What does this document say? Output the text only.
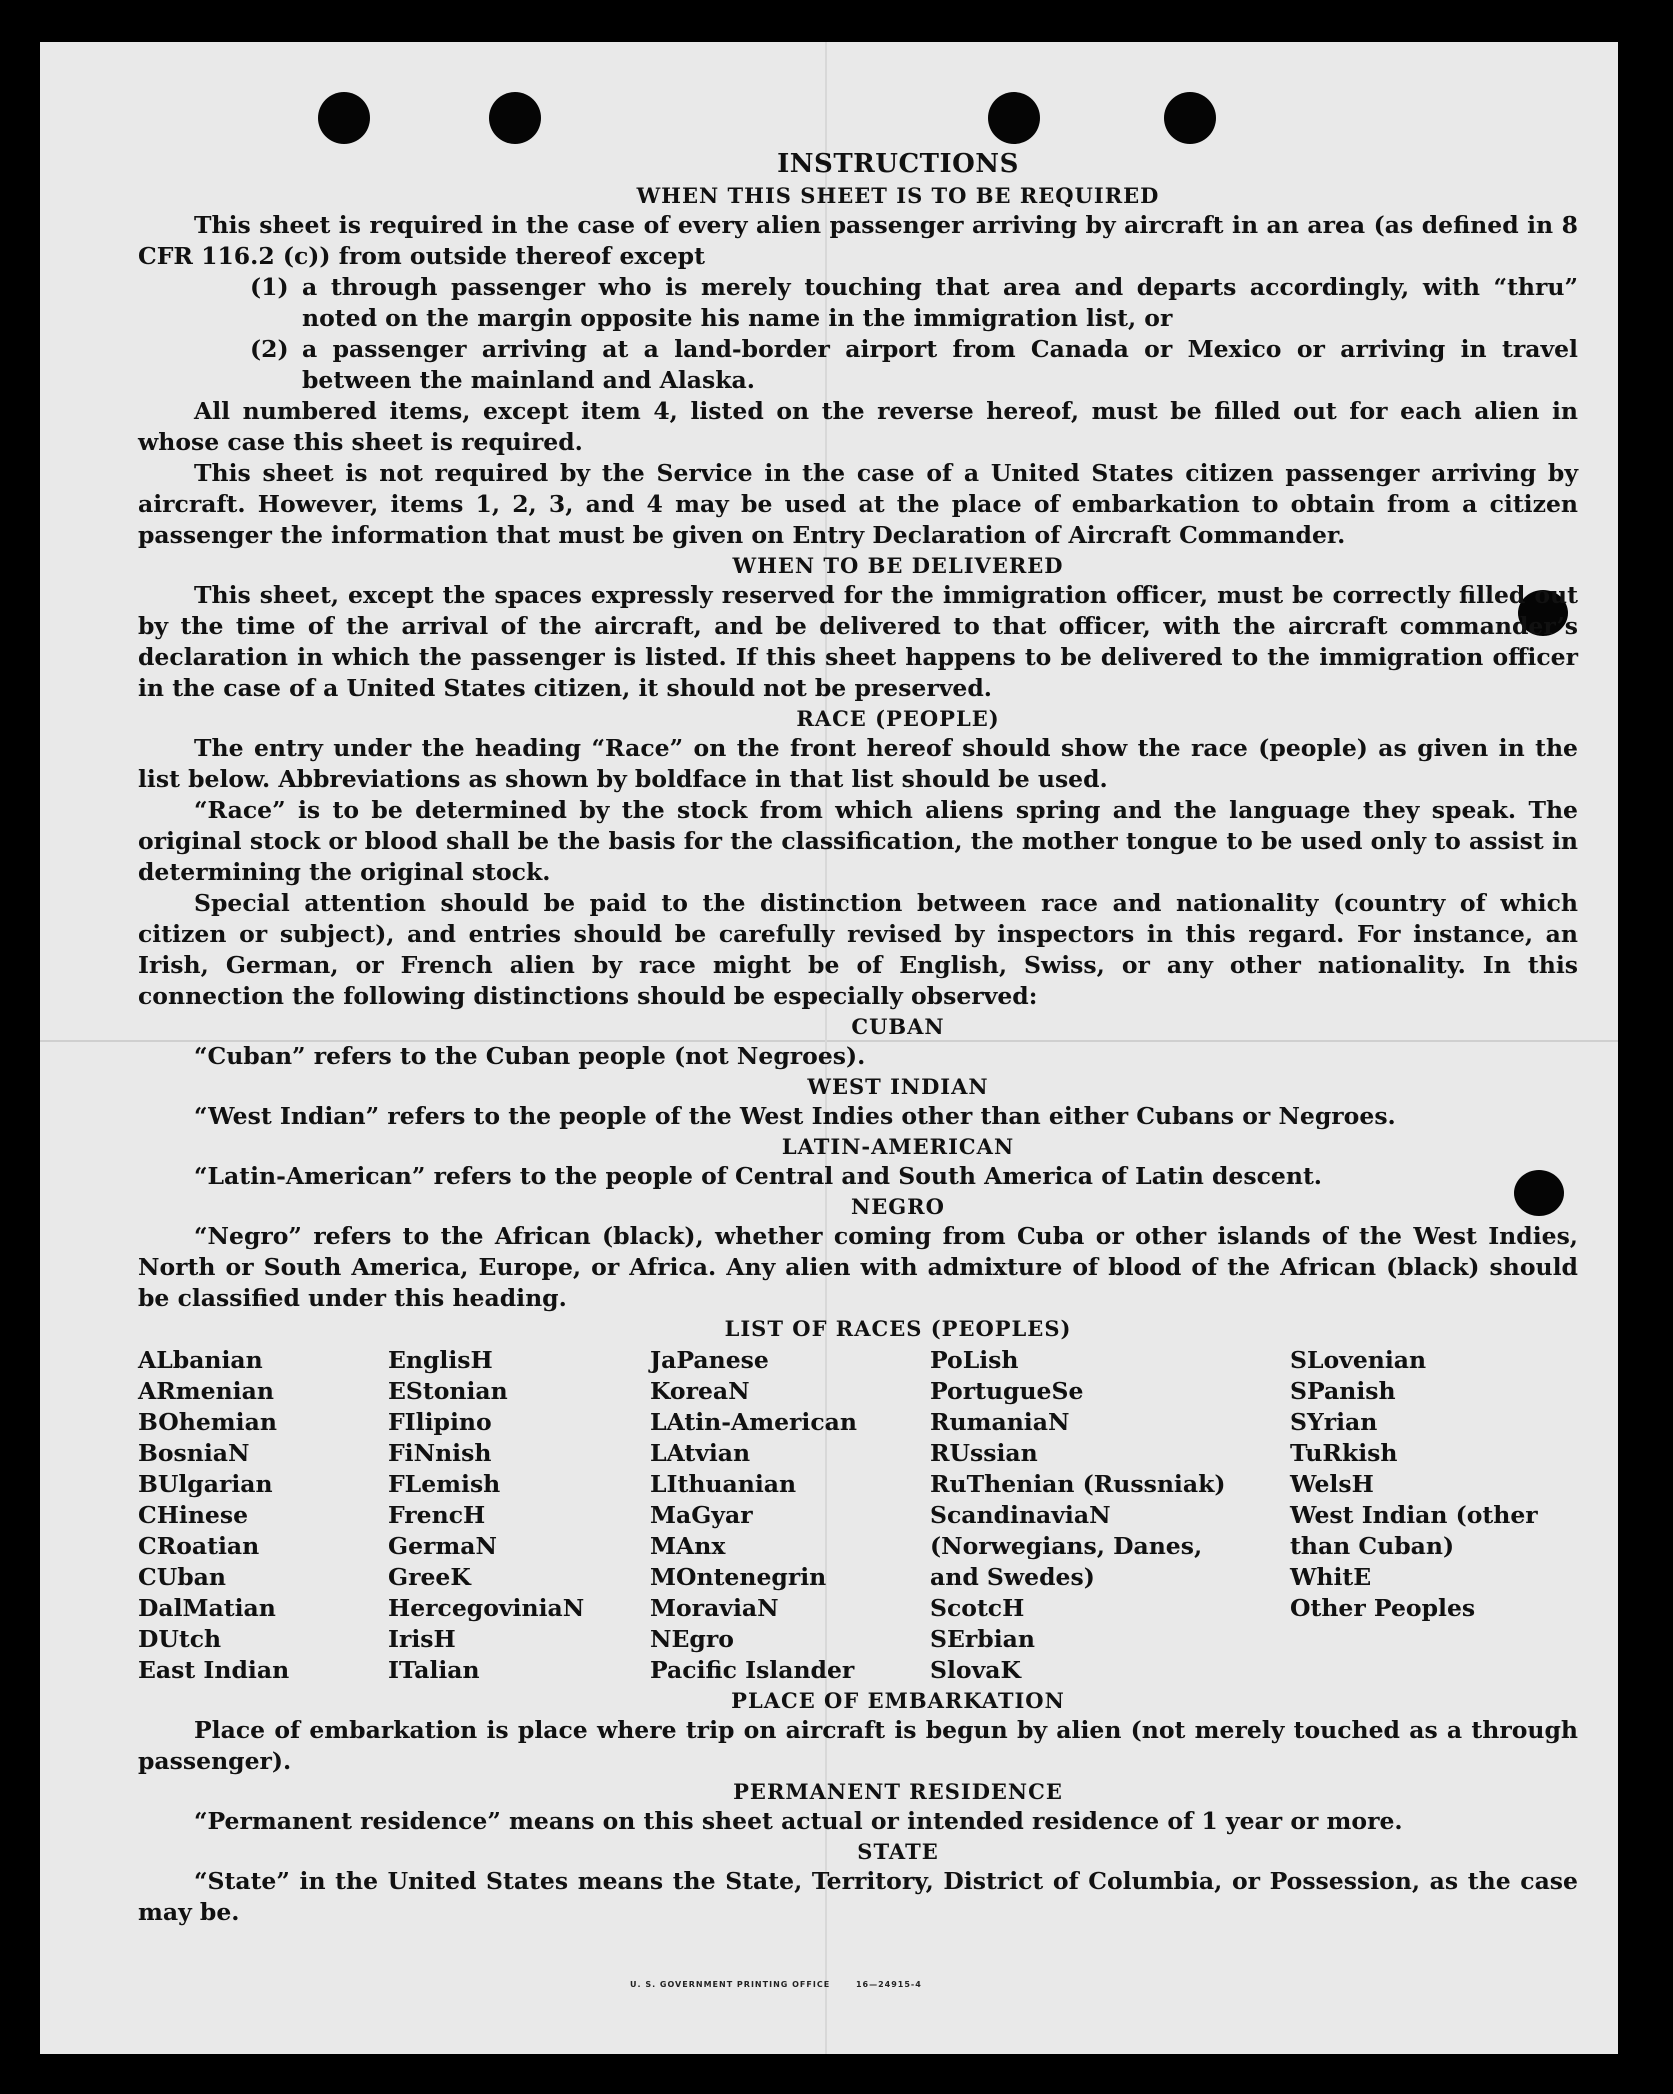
INSTRUCTIONS
WHEN THIS SHEET IS TO BE REQUIRED

This sheet is required in the case of every alien passenger arriving by aircraft in an area (as defined in 8 CFR 116.2 (c)) from outside thereof except

(1) a through passenger who is merely touching that area and departs accordingly, with “thru” noted on the margin opposite his name in the immigration list, or
(2) a passenger arriving at a land-border airport from Canada or Mexico or arriving in travel between the mainland and Alaska.

All numbered items, except item 4, listed on the reverse hereof, must be filled out for each alien in whose case this sheet is required.

This sheet is not required by the Service in the case of a United States citizen passenger arriving by aircraft. However, items 1, 2, 3, and 4 may be used at the place of embarkation to obtain from a citizen passenger the information that must be given on Entry Declaration of Aircraft Commander.

WHEN TO BE DELIVERED

This sheet, except the spaces expressly reserved for the immigration officer, must be correctly filled out by the time of the arrival of the aircraft, and be delivered to that officer, with the aircraft commander’s declaration in which the passenger is listed. If this sheet happens to be delivered to the immigration officer in the case of a United States citizen, it should not be preserved.

RACE (PEOPLE)

The entry under the heading “Race” on the front hereof should show the race (people) as given in the list below. Abbreviations as shown by boldface in that list should be used.

“Race” is to be determined by the stock from which aliens spring and the language they speak. The original stock or blood shall be the basis for the classification, the mother tongue to be used only to assist in determining the original stock.

Special attention should be paid to the distinction between race and nationality (country of which citizen or subject), and entries should be carefully revised by inspectors in this regard. For instance, an Irish, German, or French alien by race might be of English, Swiss, or any other nationality. In this connection the following distinctions should be especially observed:

CUBAN

“Cuban” refers to the Cuban people (not Negroes).

WEST INDIAN

“West Indian” refers to the people of the West Indies other than either Cubans or Negroes.

LATIN-AMERICAN

“Latin-American” refers to the people of Central and South America of Latin descent.

NEGRO

“Negro” refers to the African (black), whether coming from Cuba or other islands of the West Indies, North or South America, Europe, or Africa. Any alien with admixture of blood of the African (black) should be classified under this heading.

LIST OF RACES (PEOPLES)
ALbanian
ARmenian
BOhemian
BosniaN
BUlgarian
CHinese
CRoatian
CUban
DalMatian
DUtch
East Indian
EnglisH
EStonian
FIlipino
FiNnish
FLemish
FrencH
GermaN
GreeK
HercegoviniaN
IrisH
ITalian
JaPanese
KoreaN
LAtin-American
LAtvian
LIthuanian
MaGyar
MAnx
MOntenegrin
MoraviaN
NEgro
Pacific Islander
PoLish
PortugueSe
RumaniaN
RUssian
RuThenian (Russniak)
ScandinaviaN (Norwegians, Danes, and Swedes)
ScotcH
SErbian
SlovaK
SLovenian
SPanish
SYrian
TuRkish
WelsH
West Indian (other than Cuban)
WhitE
Other Peoples
PLACE OF EMBARKATION

Place of embarkation is place where trip on aircraft is begun by alien (not merely touched as a through passenger).

PERMANENT RESIDENCE

“Permanent residence” means on this sheet actual or intended residence of 1 year or more.

STATE

“State” in the United States means the State, Territory, District of Columbia, or Possession, as the case may be.

U. S. GOVERNMENT PRINTING OFFICE	16—24915-4
